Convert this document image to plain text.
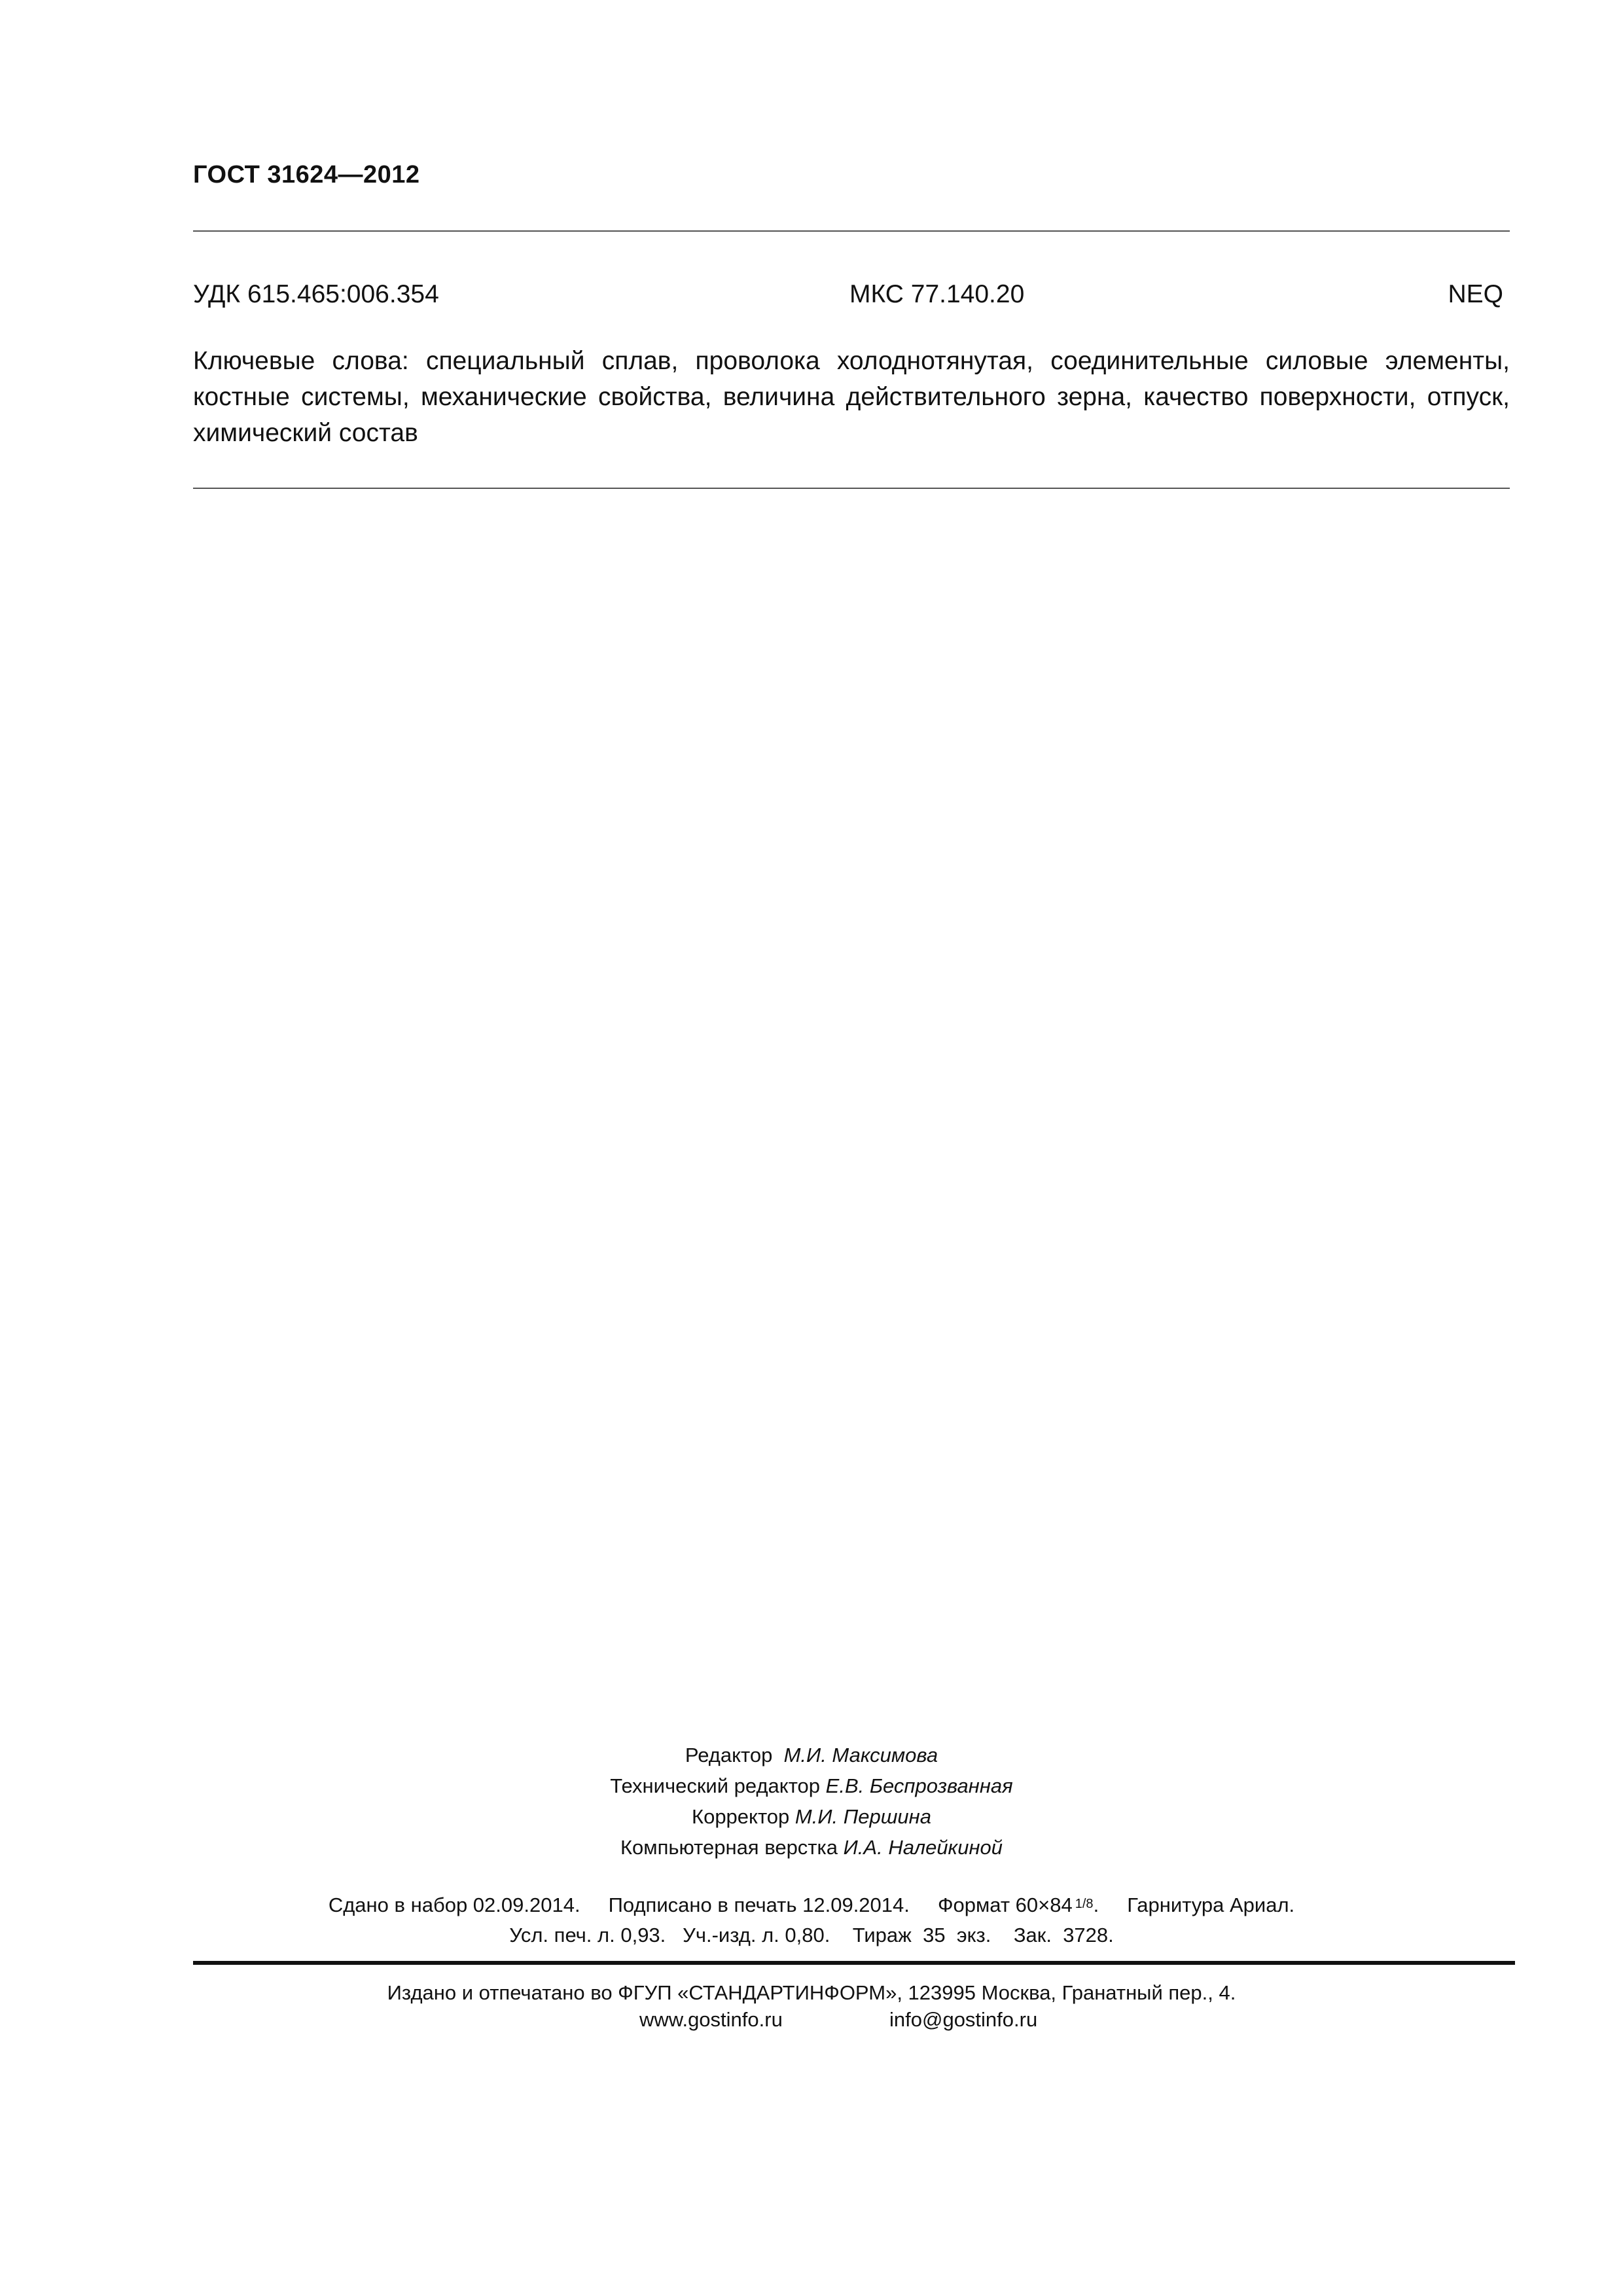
ГОСТ 31624—2012
УДК 615.465:006.354	МКС 77.140.20	NEQ
Ключевые слова: специальный сплав, проволока холоднотянутая, соединительные силовые элементы, костные системы, механические свойства, величина действительного зерна, качество поверхности, отпуск, химический состав
Редактор М.И. Максимова
Технический редактор Е.В. Беспрозванная
Корректор М.И. Першина
Компьютерная верстка И.А. Налейкиной
Сдано в набор 02.09.2014.     Подписано в печать 12.09.2014.     Формат 60×84 1/8.     Гарнитура Ариал.
Усл. печ. л. 0,93.   Уч.-изд. л. 0,80.    Тираж  35  экз.    Зак.  3728.
Издано и отпечатано во ФГУП «СТАНДАРТИНФОРМ», 123995 Москва, Гранатный пер., 4.
www.gostinfo.ru	info@gostinfo.ru
